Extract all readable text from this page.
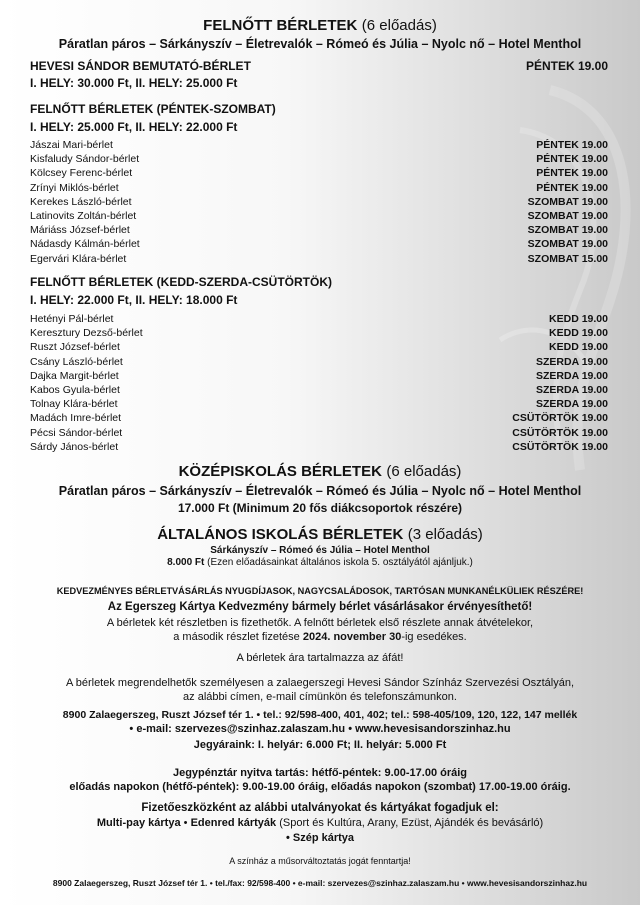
FELNŐTT BÉRLETEK (6 előadás)
Páratlan páros – Sárkányszív – Életrevalók – Rómeó és Júlia – Nyolc nő – Hotel Menthol
HEVESI SÁNDOR BEMUTATÓ-BÉRLET	PÉNTEK 19.00
I. HELY: 30.000 Ft, II. HELY: 25.000 Ft
FELNŐTT BÉRLETEK (PÉNTEK-SZOMBAT)
I. HELY: 25.000 Ft, II. HELY: 22.000 Ft
Jászai Mari-bérlet	PÉNTEK 19.00
Kisfaludy Sándor-bérlet	PÉNTEK 19.00
Kölcsey Ferenc-bérlet	PÉNTEK 19.00
Zrínyi Miklós-bérlet	PÉNTEK 19.00
Kerekes László-bérlet	SZOMBAT 19.00
Latinovits Zoltán-bérlet	SZOMBAT 19.00
Máriáss József-bérlet	SZOMBAT 19.00
Nádasdy Kálmán-bérlet	SZOMBAT 19.00
Egervári Klára-bérlet	SZOMBAT 15.00
FELNŐTT BÉRLETEK (KEDD-SZERDA-CSÜTÖRTÖK)
I. HELY: 22.000 Ft, II. HELY: 18.000 Ft
Hetényi Pál-bérlet	KEDD 19.00
Keresztury Dezső-bérlet	KEDD 19.00
Ruszt József-bérlet	KEDD 19.00
Csány László-bérlet	SZERDA 19.00
Dajka Margit-bérlet	SZERDA 19.00
Kabos Gyula-bérlet	SZERDA 19.00
Tolnay Klára-bérlet	SZERDA 19.00
Madách Imre-bérlet	CSÜTÖRTÖK 19.00
Pécsi Sándor-bérlet	CSÜTÖRTÖK 19.00
Sárdy János-bérlet	CSÜTÖRTÖK 19.00
KÖZÉPISKOLÁS BÉRLETEK (6 előadás)
Páratlan páros – Sárkányszív – Életrevalók – Rómeó és Júlia – Nyolc nő – Hotel Menthol
17.000 Ft (Minimum 20 fős diákcsoportok részére)
ÁLTALÁNOS ISKOLÁS BÉRLETEK (3 előadás)
Sárkányszív – Rómeó és Júlia – Hotel Menthol
8.000 Ft (Ezen előadásainkat általános iskola 5. osztályától ajánljuk.)
KEDVEZMÉNYES BÉRLETVÁSÁRLÁS NYUGDÍJASOK, NAGYCSALÁDOSOK, TARTÓSAN MUNKANÉLKÜLIEK RÉSZÉRE!
Az Egerszeg Kártya Kedvezmény bármely bérlet vásárlásakor érvényesíthető!
A bérletek két részletben is fizethetők. A felnőtt bérletek első részlete annak átvételekor,
a második részlet fizetése 2024. november 30-ig esedékes.
A bérletek ára tartalmazza az áfát!
A bérletek megrendelhetők személyesen a zalaegerszegi Hevesi Sándor Színház Szervezési Osztályán,
az alábbi címen, e-mail címünkön és telefonszámunkon.
8900 Zalaegerszeg, Ruszt József tér 1. • tel.: 92/598-400, 401, 402; tel.: 598-405/109, 120, 122, 147 mellék
• e-mail: szervezes@szinhaz.zalaszam.hu • www.hevesisandorszinhaz.hu
Jegyáraink: I. helyár: 6.000 Ft; II. helyár: 5.000 Ft
Jegypénztár nyitva tartás: hétfő-péntek: 9.00-17.00 óráig
előadás napokon (hétfő-péntek): 9.00-19.00 óráig, előadás napokon (szombat) 17.00-19.00 óráig.
Fizetőeszközként az alábbi utalványokat és kártyákat fogadjuk el:
Multi-pay kártya • Edenred kártyák (Sport és Kultúra, Arany, Ezüst, Ajándék és bevásárló)
• Szép kártya
A színház a műsorváltoztatás jogát fenntartja!
8900 Zalaegerszeg, Ruszt József tér 1. • tel./fax: 92/598-400 • e-mail: szervezes@szinhaz.zalaszam.hu • www.hevesisandorszinhaz.hu
